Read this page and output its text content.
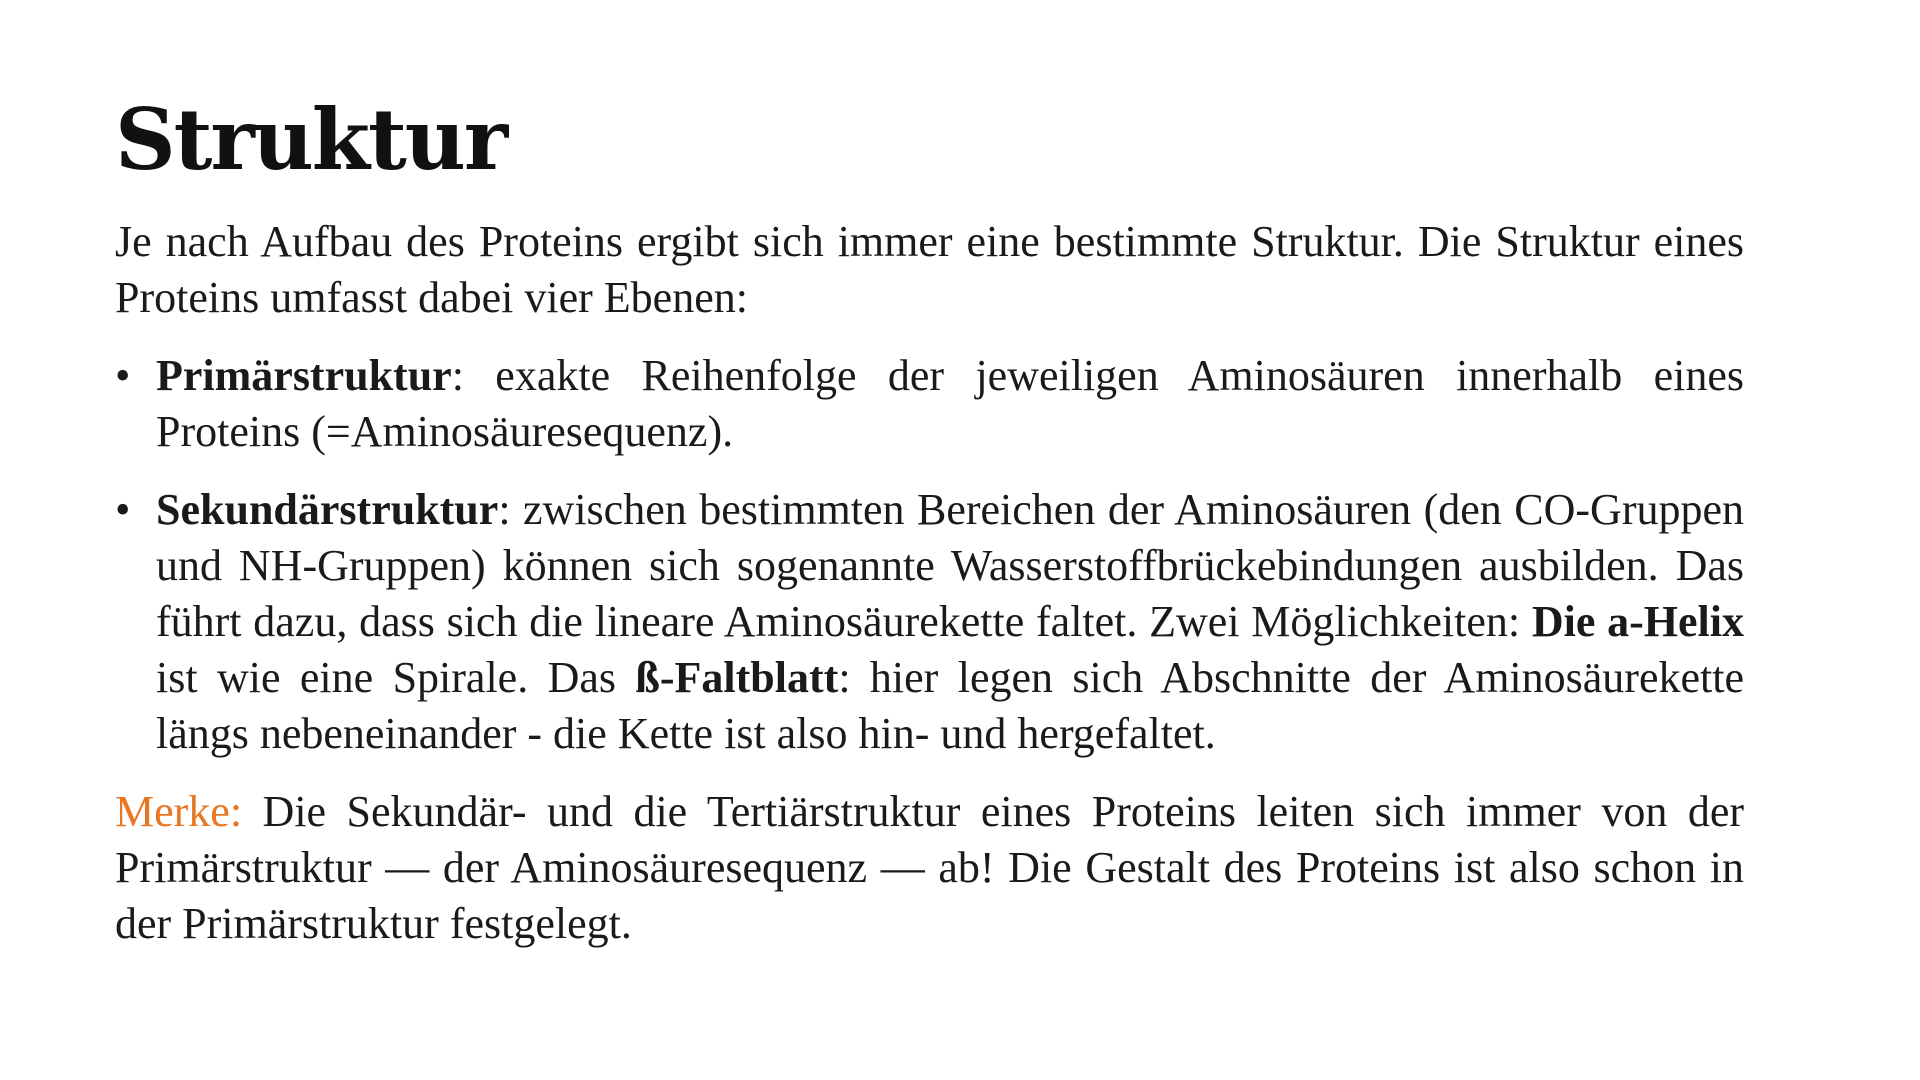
Struktur

Je nach Aufbau des Proteins ergibt sich immer eine bestimmte Struktur. Die Struktur eines Proteins umfasst dabei vier Ebenen:

• Primärstruktur: exakte Reihenfolge der jeweiligen Aminosäuren innerhalb eines Proteins (=Aminosäuresequenz).
• Sekundärstruktur: zwischen bestimmten Bereichen der Aminosäuren (den CO-Gruppen und NH-Gruppen) können sich sogenannte Wasserstoffbrückebindungen ausbilden. Das führt dazu, dass sich die lineare Aminosäurekette faltet. Zwei Möglichkeiten: Die a-Helix ist wie eine Spirale. Das ß-Faltblatt: hier legen sich Abschnitte der Aminosäurekette längs nebeneinander - die Kette ist also hin- und hergefaltet.

Merke: Die Sekundär- und die Tertiärstruktur eines Proteins leiten sich immer von der Primärstruktur — der Aminosäuresequenz — ab! Die Gestalt des Proteins ist also schon in der Primärstruktur festgelegt.
